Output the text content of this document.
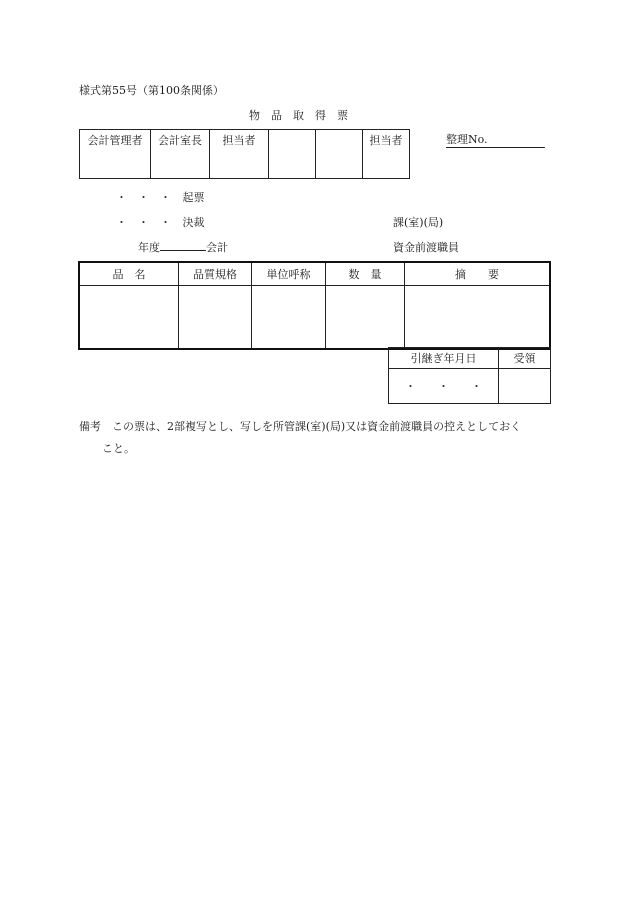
様式第55号（第100条関係）
物　品　取　得　票
会計管理者	会計室長	担当者			担当者	整理No.
・　・　・ 起票
・　・　・ 決裁	課(室)(局)
年度	会計	資金前渡職員
品　名	品質規格	単位呼称	数　量	摘　　要

引継ぎ年月日	受領
・　　・　　・	
備考 この票は、2部複写とし、写しを所管課(室)(局)又は資金前渡職員の控えとしておく
こと。
